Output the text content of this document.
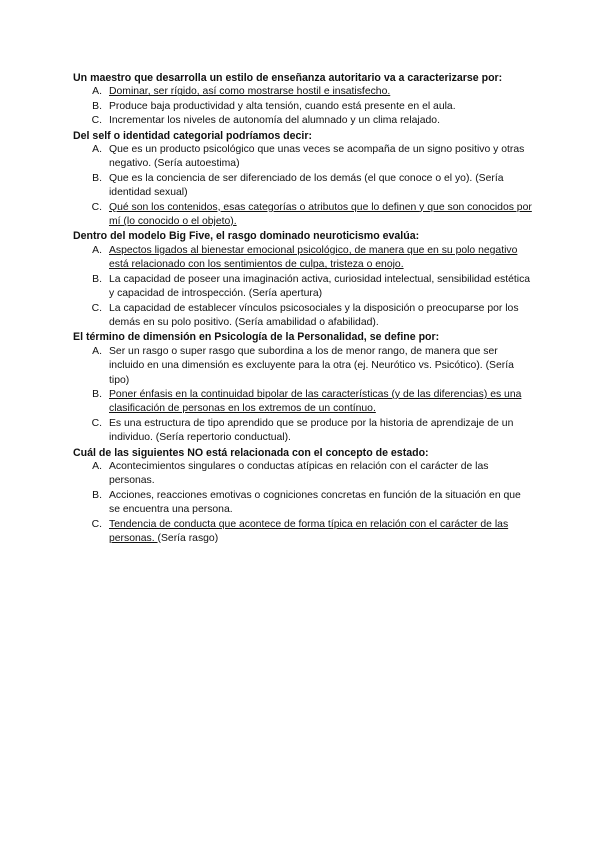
Un maestro que desarrolla un estilo de enseñanza autoritario va a caracterizarse por:

A. Dominar, ser rígido, así como mostrarse hostil e insatisfecho.
B. Produce baja productividad y alta tensión, cuando está presente en el aula.
C. Incrementar los niveles de autonomía del alumnado y un clima relajado.

Del self o identidad categorial podríamos decir:

A. Que es un producto psicológico que unas veces se acompaña de un signo positivo y otras negativo. (Sería autoestima)
B. Que es la conciencia de ser diferenciado de los demás (el que conoce o el yo). (Sería identidad sexual)
C. Qué son los contenidos, esas categorías o atributos que lo definen y que son conocidos por mí (lo conocido o el objeto).

Dentro del modelo Big Five, el rasgo dominado neuroticismo evalúa:

A. Aspectos ligados al bienestar emocional psicológico, de manera que en su polo negativo está relacionado con los sentimientos de culpa, tristeza o enojo.
B. La capacidad de poseer una imaginación activa, curiosidad intelectual, sensibilidad estética y capacidad de introspección. (Sería apertura)
C. La capacidad de establecer vínculos psicosociales y la disposición o preocuparse por los demás en su polo positivo. (Sería amabilidad o afabilidad).

El término de dimensión en Psicología de la Personalidad, se define por:

A. Ser un rasgo o super rasgo que subordina a los de menor rango, de manera que ser incluido en una dimensión es excluyente para la otra (ej. Neurótico vs. Psicótico). (Sería tipo)
B. Poner énfasis en la continuidad bipolar de las características (y de las diferencias) es una clasificación de personas en los extremos de un contínuo.
C. Es una estructura de tipo aprendido que se produce por la historia de aprendizaje de un individuo. (Sería repertorio conductual).

Cuál de las siguientes NO está relacionada con el concepto de estado:

A. Acontecimientos singulares o conductas atípicas en relación con el carácter de las personas.
B. Acciones, reacciones emotivas o cogniciones concretas en función de la situación en que se encuentra una persona.
C. Tendencia de conducta que acontece de forma típica en relación con el carácter de las personas. (Sería rasgo)
